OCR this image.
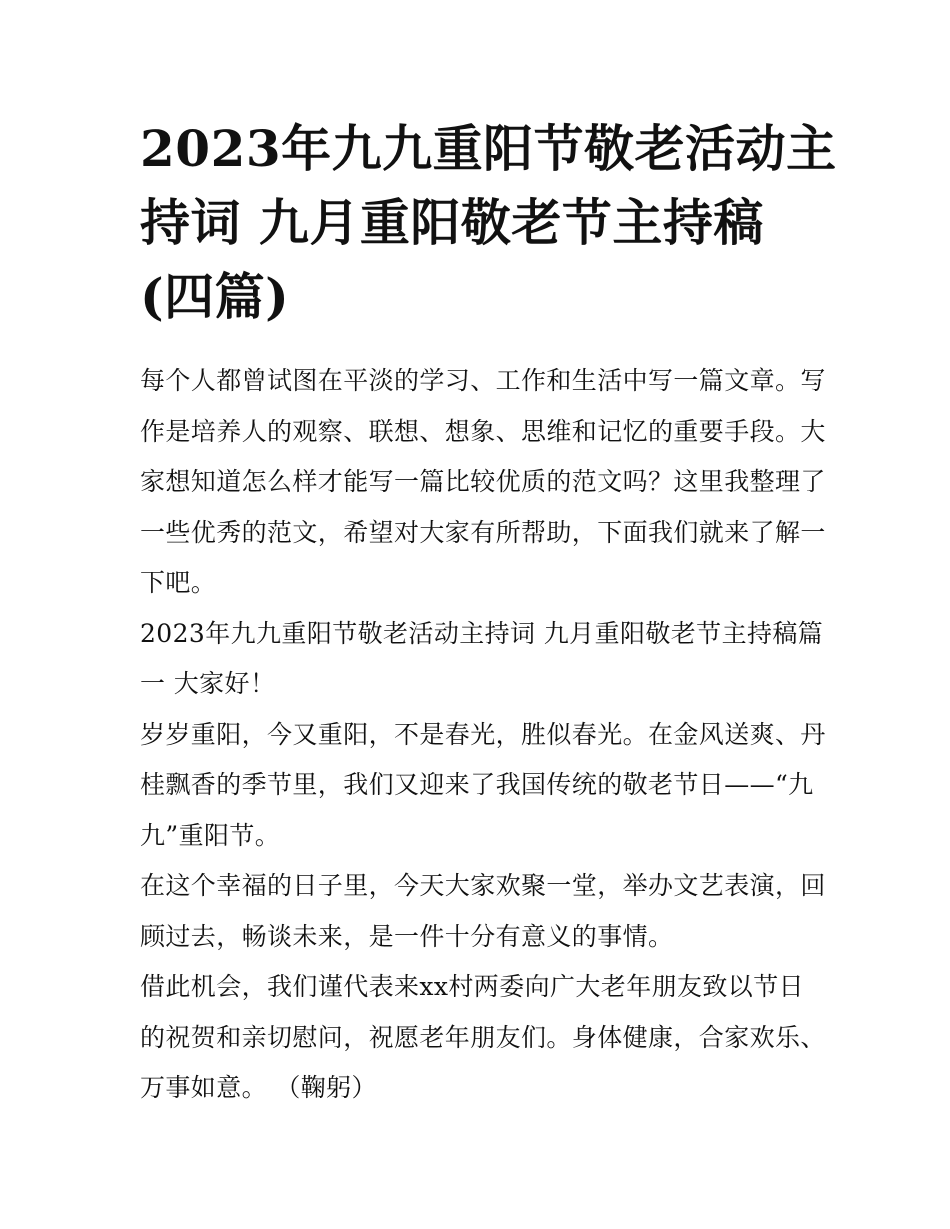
2023年九九重阳节敬老活动主
持词 九月重阳敬老节主持稿
(四篇)
每个人都曾试图在平淡的学习、工作和生活中写一篇文章。写
作是培养人的观察、联想、想象、思维和记忆的重要手段。大
家想知道怎么样才能写一篇比较优质的范文吗？这里我整理了
一些优秀的范文，希望对大家有所帮助，下面我们就来了解一
下吧。
2023年九九重阳节敬老活动主持词 九月重阳敬老节主持稿篇
一 大家好！
岁岁重阳，今又重阳，不是春光，胜似春光。在金风送爽、丹
桂飘香的季节里，我们又迎来了我国传统的敬老节日——“九
九”重阳节。
在这个幸福的日子里，今天大家欢聚一堂，举办文艺表演，回
顾过去，畅谈未来，是一件十分有意义的事情。
借此机会，我们谨代表来xx村两委向广大老年朋友致以节日
的祝贺和亲切慰问，祝愿老年朋友们。身体健康，合家欢乐、
万事如意。 （鞠躬）
